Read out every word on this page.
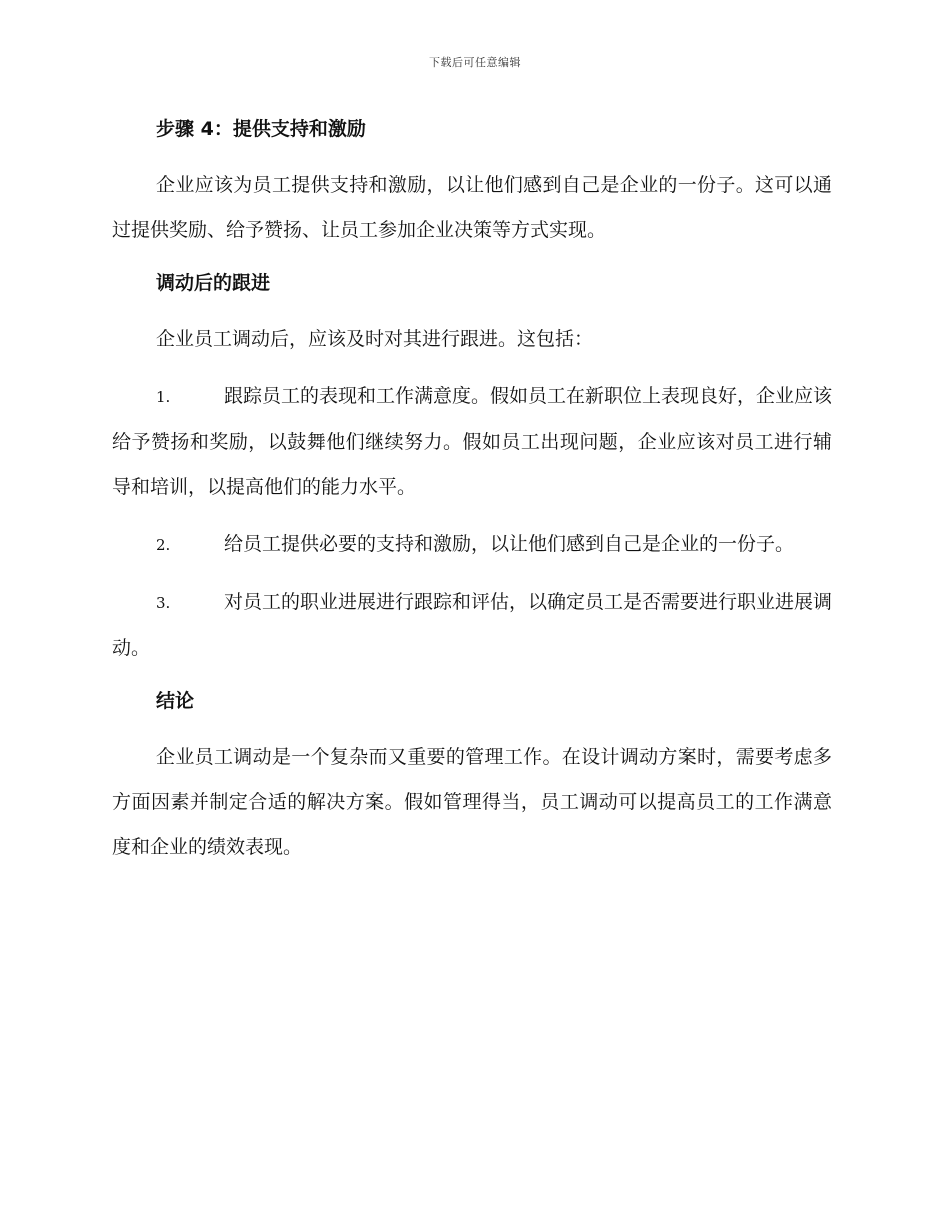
下载后可任意编辑
步骤 4：提供支持和激励

企业应该为员工提供支持和激励，以让他们感到自己是企业的一份子。这可以通过提供奖励、给予赞扬、让员工参加企业决策等方式实现。

调动后的跟进

企业员工调动后，应该及时对其进行跟进。这包括：

1.	跟踪员工的表现和工作满意度。假如员工在新职位上表现良好，企业应该给予赞扬和奖励，以鼓舞他们继续努力。假如员工出现问题，企业应该对员工进行辅导和培训，以提高他们的能力水平。

2.	给员工提供必要的支持和激励，以让他们感到自己是企业的一份子。

3.	对员工的职业进展进行跟踪和评估，以确定员工是否需要进行职业进展调动。

结论

企业员工调动是一个复杂而又重要的管理工作。在设计调动方案时，需要考虑多方面因素并制定合适的解决方案。假如管理得当，员工调动可以提高员工的工作满意度和企业的绩效表现。
